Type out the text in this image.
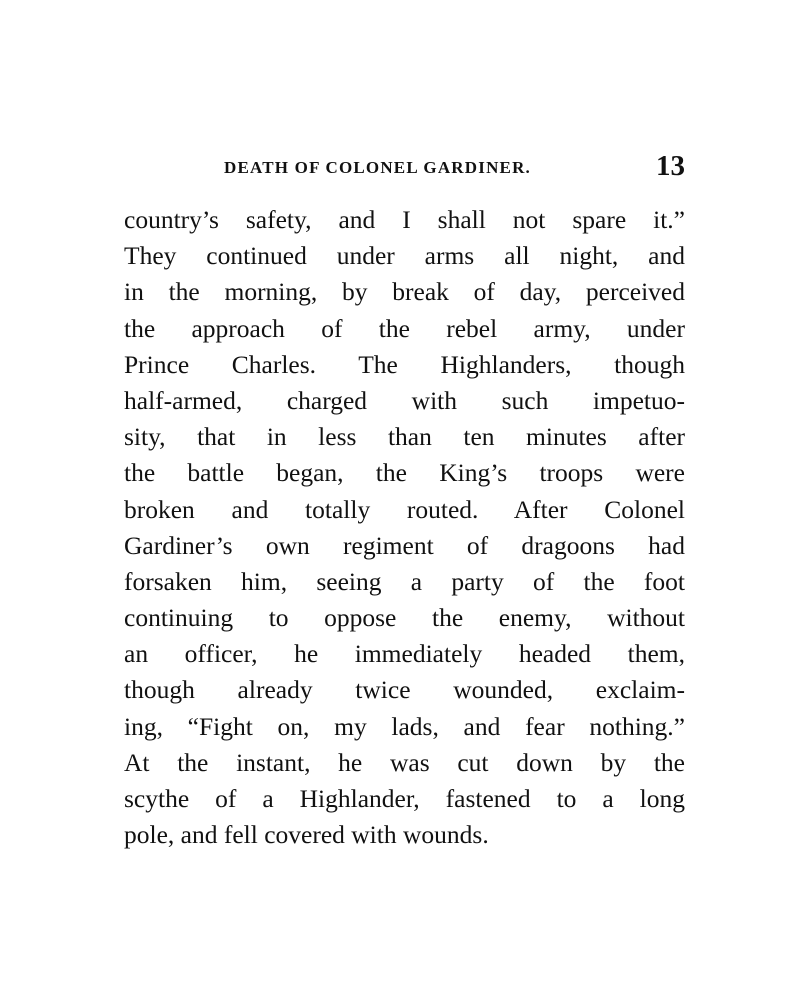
DEATH OF COLONEL GARDINER.	13
country’s safety, and I shall not spare it.”
They continued under arms all night, and
in the morning, by break of day, perceived
the approach of the rebel army, under
Prince Charles. The Highlanders, though
half-armed, charged with such impetuo-
sity, that in less than ten minutes after
the battle began, the King’s troops were
broken and totally routed. After Colonel
Gardiner’s own regiment of dragoons had
forsaken him, seeing a party of the foot
continuing to oppose the enemy, without
an officer, he immediately headed them,
though already twice wounded, exclaim-
ing, “Fight on, my lads, and fear nothing.”
At the instant, he was cut down by the
scythe of a Highlander, fastened to a long
pole, and fell covered with wounds.
